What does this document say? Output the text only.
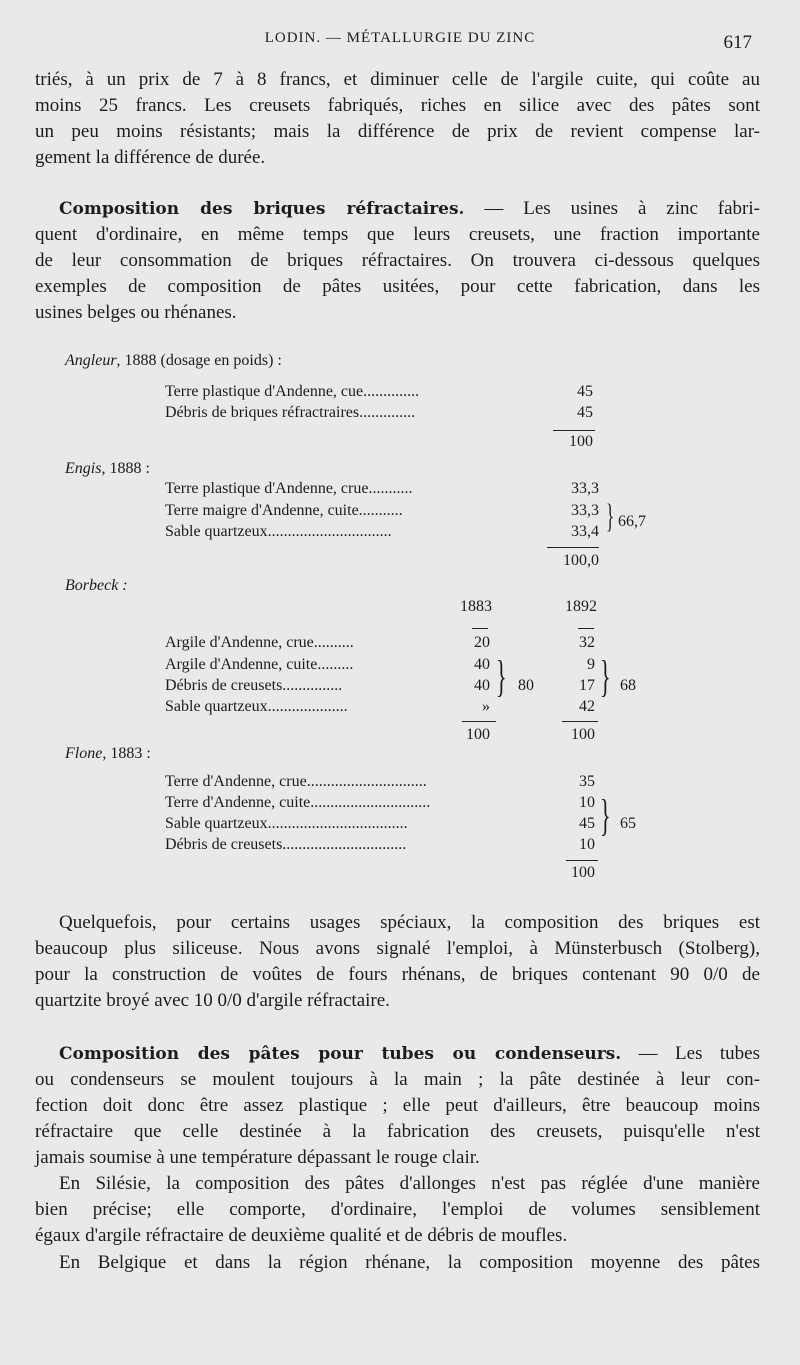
LODIN. — MÉTALLURGIE DU ZINC	617
triés, à un prix de 7 à 8 francs, et diminuer celle de l'argile cuite, qui coûte au
moins 25 francs. Les creusets fabriqués, riches en silice avec des pâtes sont
un peu moins résistants; mais la différence de prix de revient compense lar-
gement la différence de durée.
Composition des briques réfractaires. — Les usines à zinc fabri-
quent d'ordinaire, en même temps que leurs creusets, une fraction importante
de leur consommation de briques réfractaires. On trouvera ci-dessous quelques
exemples de composition de pâtes usitées, pour cette fabrication, dans les
usines belges ou rhénanes.
Angleur, 1888 (dosage en poids) :
Terre plastique d'Andenne, cue..............	45
Débris de briques réfractraires..............	45
100
Engis, 1888 :
Terre plastique d'Andenne, crue...........	33,3
Terre maigre d'Andenne, cuite...........	33,3
Sable quartzeux...............................	33,4 } 66,7
100,0
Borbeck :
1883	1892
Argile d'Andenne, crue..........	20	32
Argile d'Andenne, cuite.........	40	9
Débris de creusets...............	40	17
Sable quartzeux....................	»	42
} 80 } 68
100	100
Flone, 1883 :
Terre d'Andenne, crue..............................	35
Terre d'Andenne, cuite..............................	10
Sable quartzeux...................................	45
Débris de creusets...............................	10
} 65
100
Quelquefois, pour certains usages spéciaux, la composition des briques est
beaucoup plus siliceuse. Nous avons signalé l'emploi, à Münsterbusch (Stolberg),
pour la construction de voûtes de fours rhénans, de briques contenant 90 0/0 de
quartzite broyé avec 10 0/0 d'argile réfractaire.
Composition des pâtes pour tubes ou condenseurs. — Les tubes
ou condenseurs se moulent toujours à la main ; la pâte destinée à leur con-
fection doit donc être assez plastique ; elle peut d'ailleurs, être beaucoup moins
réfractaire que celle destinée à la fabrication des creusets, puisqu'elle n'est
jamais soumise à une température dépassant le rouge clair.
En Silésie, la composition des pâtes d'allonges n'est pas réglée d'une manière
bien précise; elle comporte, d'ordinaire, l'emploi de volumes sensiblement
égaux d'argile réfractaire de deuxième qualité et de débris de moufles.
En Belgique et dans la région rhénane, la composition moyenne des pâtes
